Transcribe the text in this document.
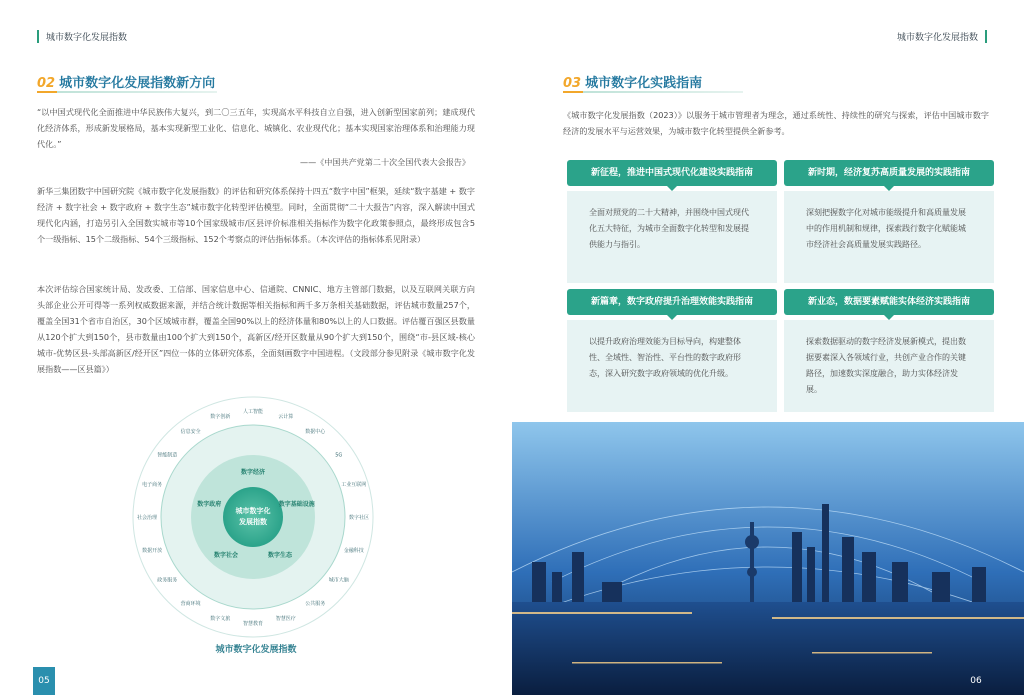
城市数字化发展指数	城市数字化发展指数
02 城市数字化发展指数新方向
“以中国式现代化全面推进中华民族伟大复兴，到二〇三五年，实现高水平科技自立自强，进入创新型国家前列；建成现代化经济体系，形成新发展格局，基本实现新型工业化、信息化、城镇化、农业现代化；基本实现国家治理体系和治理能力现代化。”
——《中国共产党第二十次全国代表大会报告》
新华三集团数字中国研究院《城市数字化发展指数》的评估和研究体系保持十四五“数字中国”框架，延续“数字基建 + 数字经济 + 数字社会 + 数字政府 + 数字生态”城市数字化转型评估模型。同时，全面贯彻“二十大报告”内容，深入解读中国式现代化内涵，打造另引入全国数实城市等10个国家级城市/区县评价标准相关指标作为数字化政策参照点，最终形成包含5个一级指标、15个二级指标、54个三级指标、152个考察点的评估指标体系。（本次评估的指标体系见附录）
本次评估综合国家统计局、发改委、工信部、国家信息中心、信通院、CNNIC、地方主管部门数据，以及互联网关联方向头部企业公开可得等一系列权威数据来源，并结合统计数据等相关指标和两千多万条相关基础数据，评估城市数量257个，覆盖全国31个省市自治区，30个区域城市群，覆盖全国90%以上的经济体量和80%以上的人口数据。评估覆百强区县数量从120个扩大到150个，县市数量由100个扩大到150个，高新区/经开区数量从90个扩大到150个，围绕“市-县区域-核心城市-优势区县-头部高新区/经开区”四位一体的立体研究体系，全面刻画数字中国进程。（文段部分参见附录《城市数字化发展指数——区县篇》）
数字经济
数字基础设施
数字生态
数字社会
数字政府
人工智能
云计算
数据中心
5G
工业互联网
数字社区
金融科技
城市大脑
公共服务
智慧医疗
智慧教育
数字文旅
营商环境
政务服务
数据开放
社会治理
电子商务
智能制造
信息安全
数字创新
城市数字化
发展指数
城市数字化发展指数
05
03 城市数字化实践指南
《城市数字化发展指数（2023）》以服务于城市管理者为理念，通过系统性、持续性的研究与探索，评估中国城市数字经济的发展水平与运营效果，为城市数字化转型提供全新参考。
新征程，推进中国式现代化建设实践指南
全面对照党的二十大精神，并围绕中国式现代化五大特征，为城市全面数字化转型和发展提供能力与指引。
新时期，经济复苏高质量发展的实践指南
深刻把握数字化对城市能级提升和高质量发展中的作用机制和规律，探索践行数字化赋能城市经济社会高质量发展实践路径。
新篇章，数字政府提升治理效能实践指南
以提升政府治理效能为目标导向，构建整体性、全域性、智治性、平台性的数字政府形态，深入研究数字政府领域的优化升级。
新业态，数据要素赋能实体经济实践指南
探索数据驱动的数字经济发展新模式，提出数据要素深入各领域行业，共创产业合作的关键路径，加速数实深度融合，助力实体经济发展。
06
